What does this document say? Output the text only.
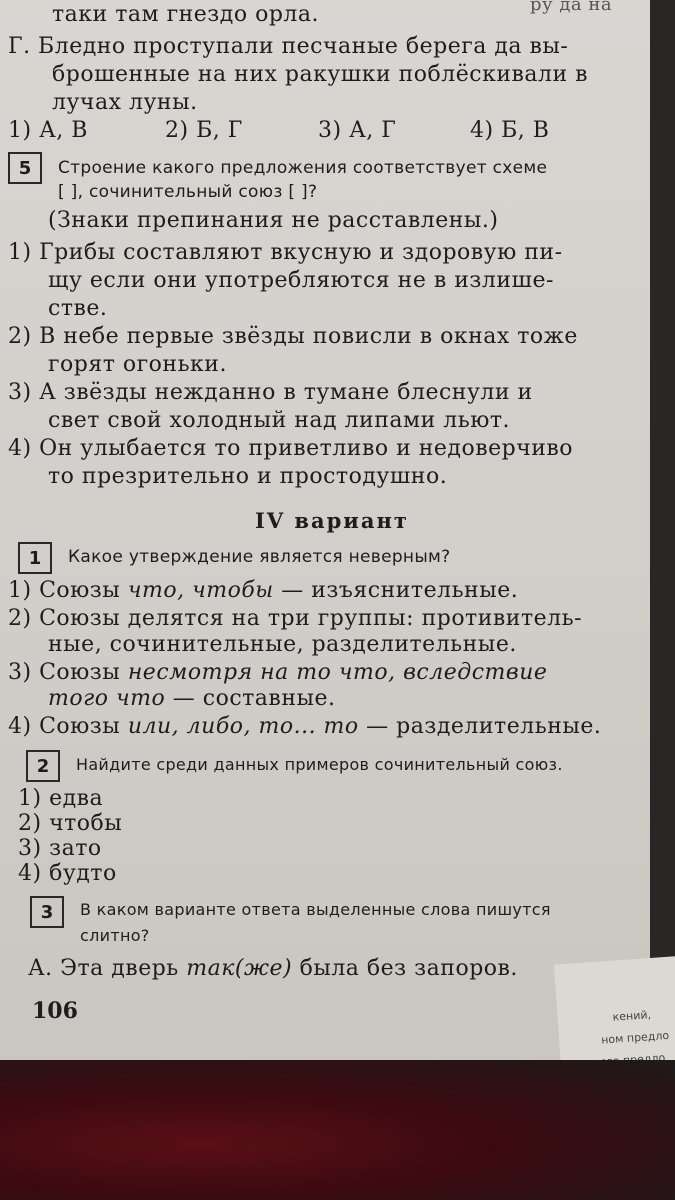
таки там гнездо орла.	ру да на
Г. Бледно проступали песчаные берега да вы-
брошенные на них ракушки поблёскивали в
лучах луны.
1) А, В	2) Б, Г	3) А, Г	4) Б, В
5	Строение какого предложения соответствует схеме
[ ], сочинительный союз [ ]?
(Знаки препинания не расставлены.)
1) Грибы составляют вкусную и здоровую пи-
щу если они употребляются не в излише-
стве.
2) В небе первые звёзды повисли в окнах тоже
горят огоньки.
3) А звёзды нежданно в тумане блеснули и
свет свой холодный над липами льют.
4) Он улыбается то приветливо и недоверчиво
то презрительно и простодушно.
IV вариант
1	Какое утверждение является неверным?
1) Союзы что, чтобы — изъяснительные.
2) Союзы делятся на три группы: противитель-
ные, сочинительные, разделительные.
3) Союзы несмотря на то что, вследствие
того что — составные.
4) Союзы или, либо, то... то — разделительные.
2	Найдите среди данных примеров сочинительный союз.
1) едва
2) чтобы
3) зато
4) будто
3	В каком варианте ответа выделенные слова пишутся
слитно?
А. Эта дверь так(же) была без запоров.
106	кений,
ном предло
